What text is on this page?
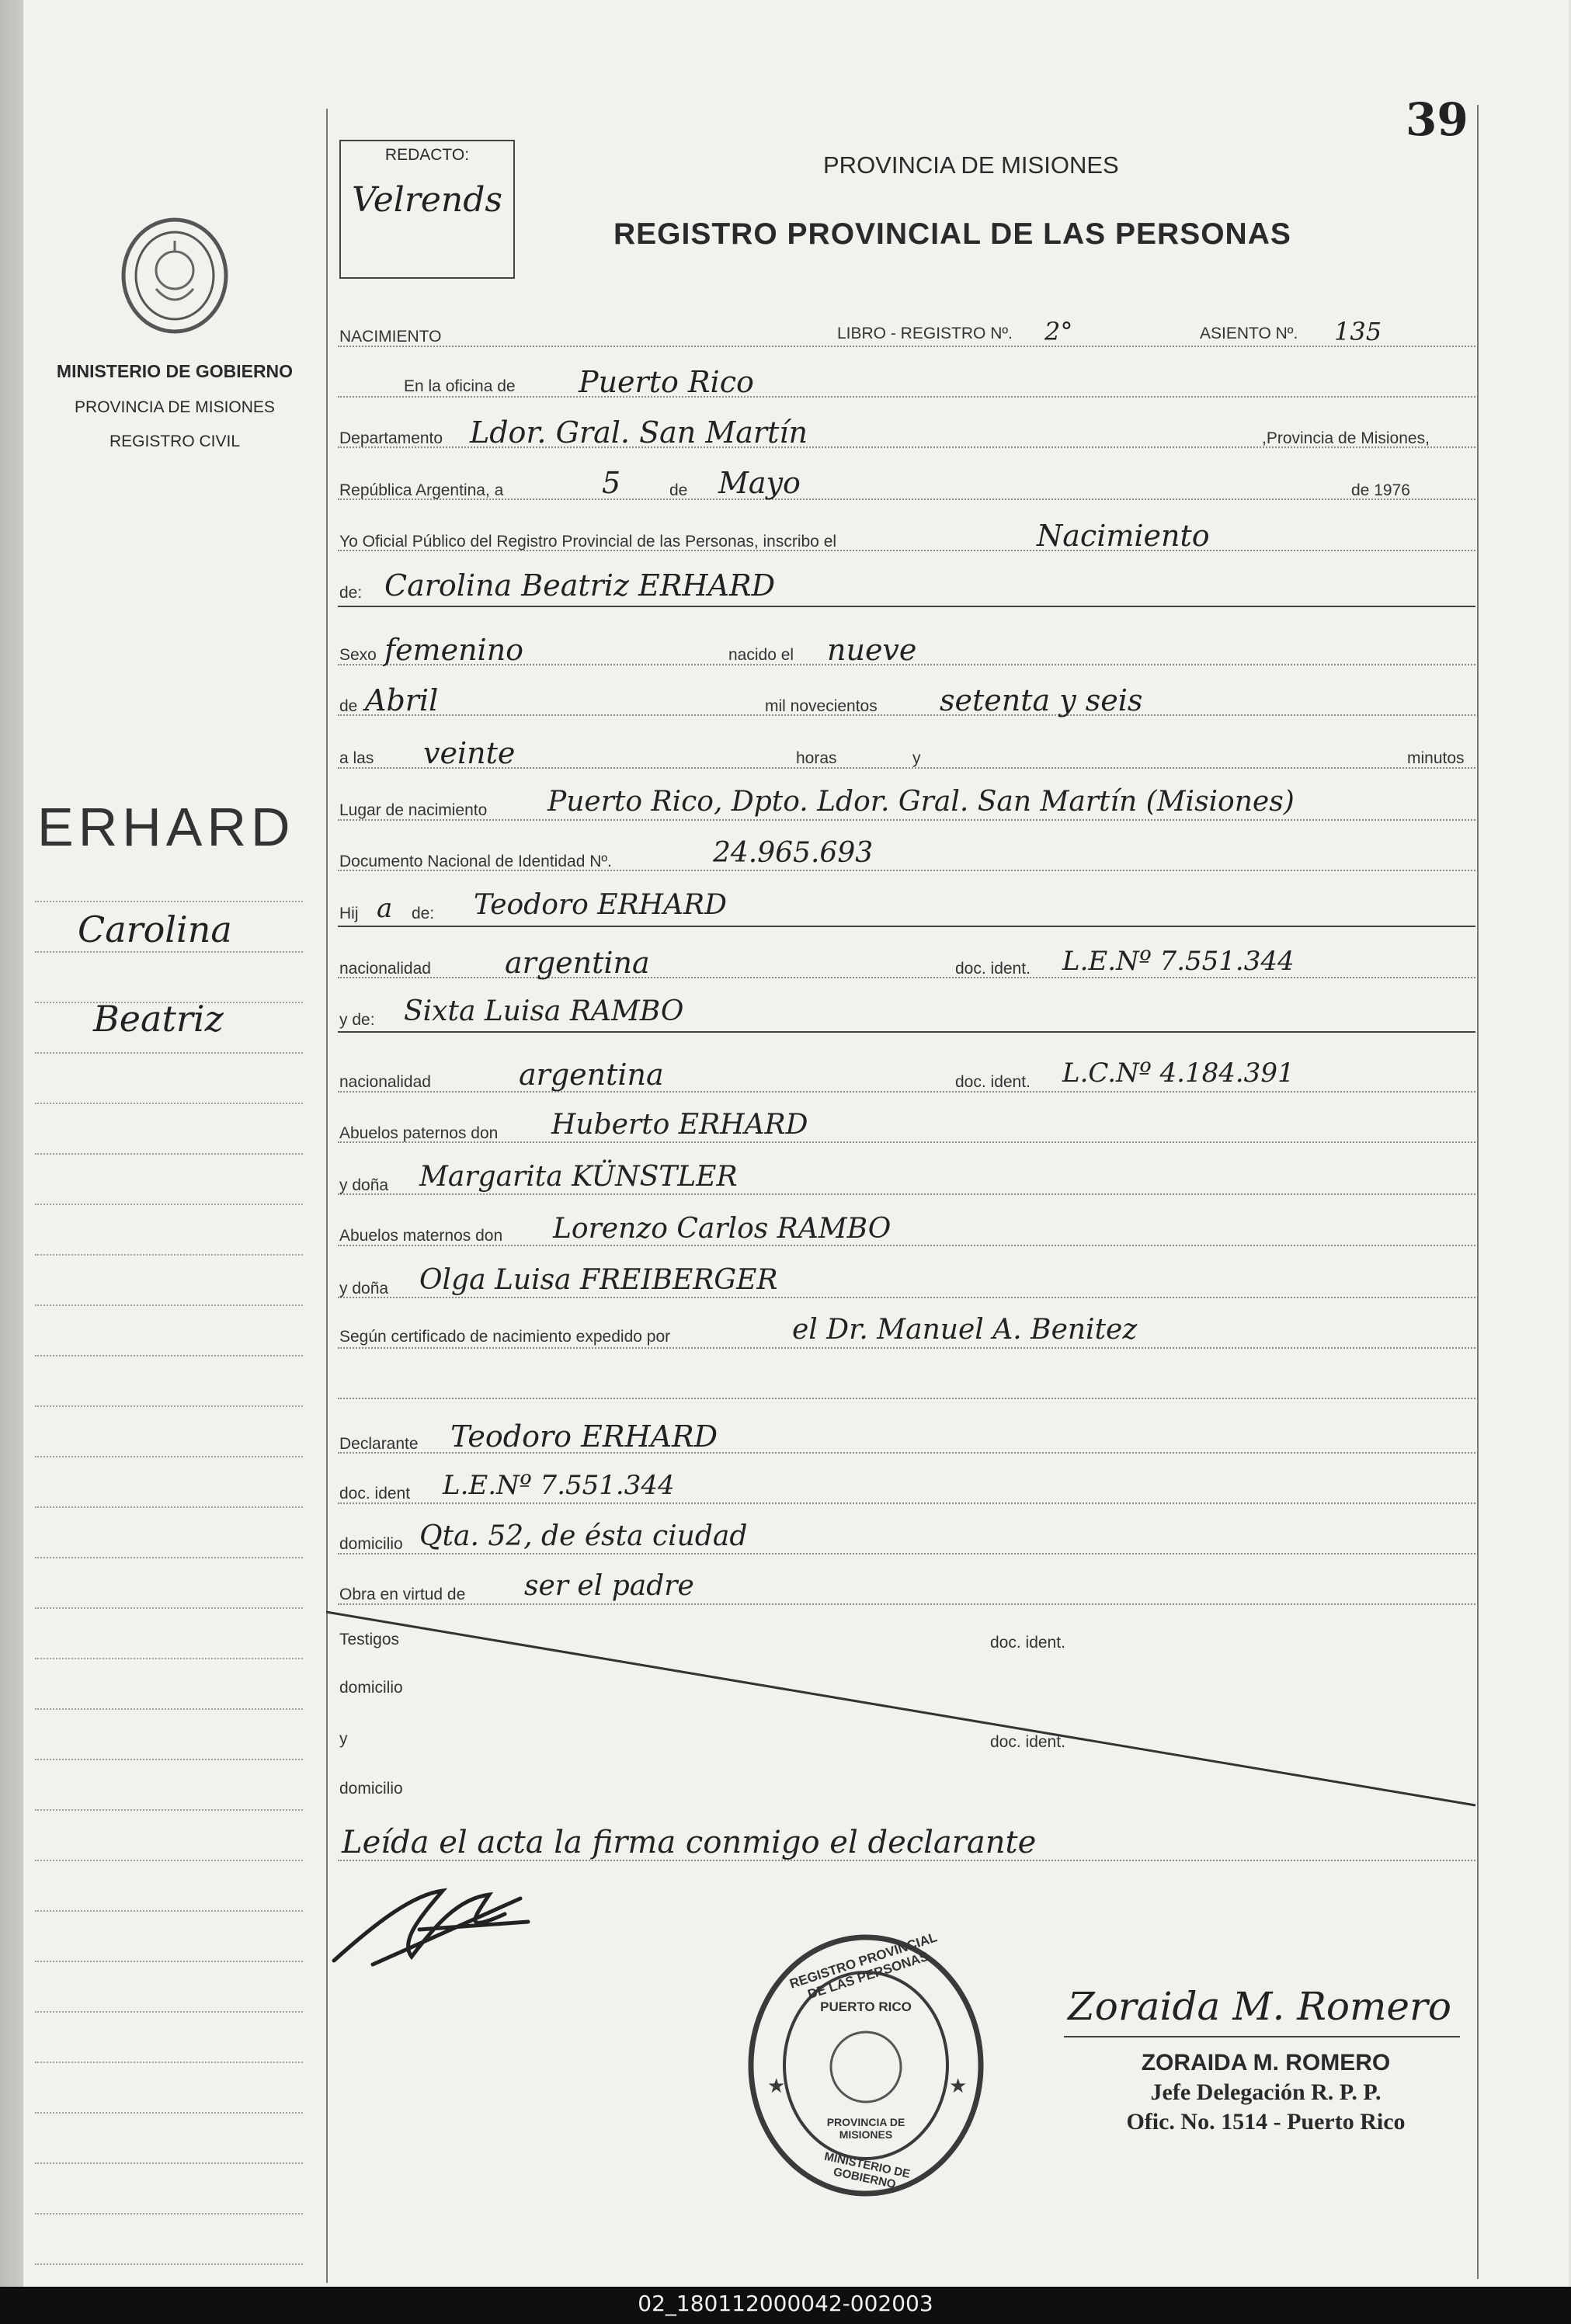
39
REDACTO:
Velrends
PROVINCIA DE MISIONES
REGISTRO PROVINCIAL DE LAS PERSONAS
MINISTERIO DE GOBIERNO
PROVINCIA DE MISIONES
REGISTRO CIVIL
ERHARD
Carolina
Beatriz
NACIMIENTO	LIBRO - REGISTRO Nº. 2°	ASIENTO Nº. 135
En la oficina de Puerto Rico
Departamento Ldor. Gral. San Martín	,Provincia de Misiones,
República Argentina, a	5	de Mayo	de 1976
Yo Oficial Público del Registro Provincial de las Personas, inscribo el	Nacimiento
de: Carolina Beatriz ERHARD
Sexo femenino	nacido el nueve
de Abril	mil novecientos setenta y seis
a las veinte	horas	y	minutos
Lugar de nacimiento Puerto Rico, Dpto. Ldor. Gral. San Martín (Misiones)
Documento Nacional de Identidad Nº.	24.965.693
Hij a de: Teodoro ERHARD
nacionalidad	argentina	doc. ident. L.E.Nº 7.551.344
y de: Sixta Luisa RAMBO
nacionalidad	argentina	doc. ident. L.C.Nº 4.184.391
Abuelos paternos don Huberto ERHARD
y doña Margarita KÜNSTLER
Abuelos maternos don Lorenzo Carlos RAMBO
y doña Olga Luisa FREIBERGER
Según certificado de nacimiento expedido por	el Dr. Manuel A. Benitez
Declarante Teodoro ERHARD
doc. ident L.E.Nº 7.551.344
domicilio Qta. 52, de ésta ciudad
Obra en virtud de ser el padre
Testigos	doc. ident.
domicilio
y	doc. ident.
domicilio
Leída el acta la firma conmigo el declarante
★	★
REGISTRO PROVINCIAL DE LAS PERSONAS
PUERTO RICO
PROVINCIA DE MISIONES
MINISTERIO DE GOBIERNO
Zoraida M. Romero
ZORAIDA M. ROMERO
Jefe Delegación R. P. P.
Ofic. No. 1514 - Puerto Rico
02_180112000042-002003
